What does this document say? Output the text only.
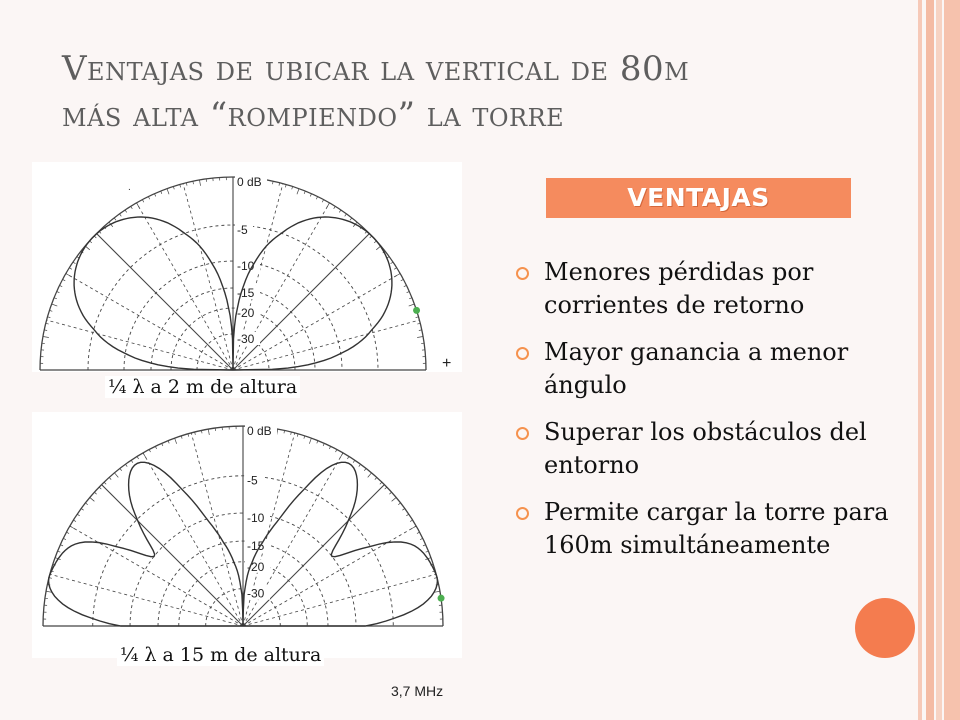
Ventajas de ubicar la vertical de 80m
más alta “rompiendo” la torre
0 dB
-5
-10
-15
-20
-30
0 dB
-5
-10
-15
-20
-30
+
.
¼ λ a 2 m de altura
¼ λ a 15 m de altura
3,7 MHz
VENTAJAS
Menores pérdidas por corrientes de retorno
Mayor ganancia a menor ángulo
Superar los obstáculos del entorno
Permite cargar la torre para 160m simultáneamente
